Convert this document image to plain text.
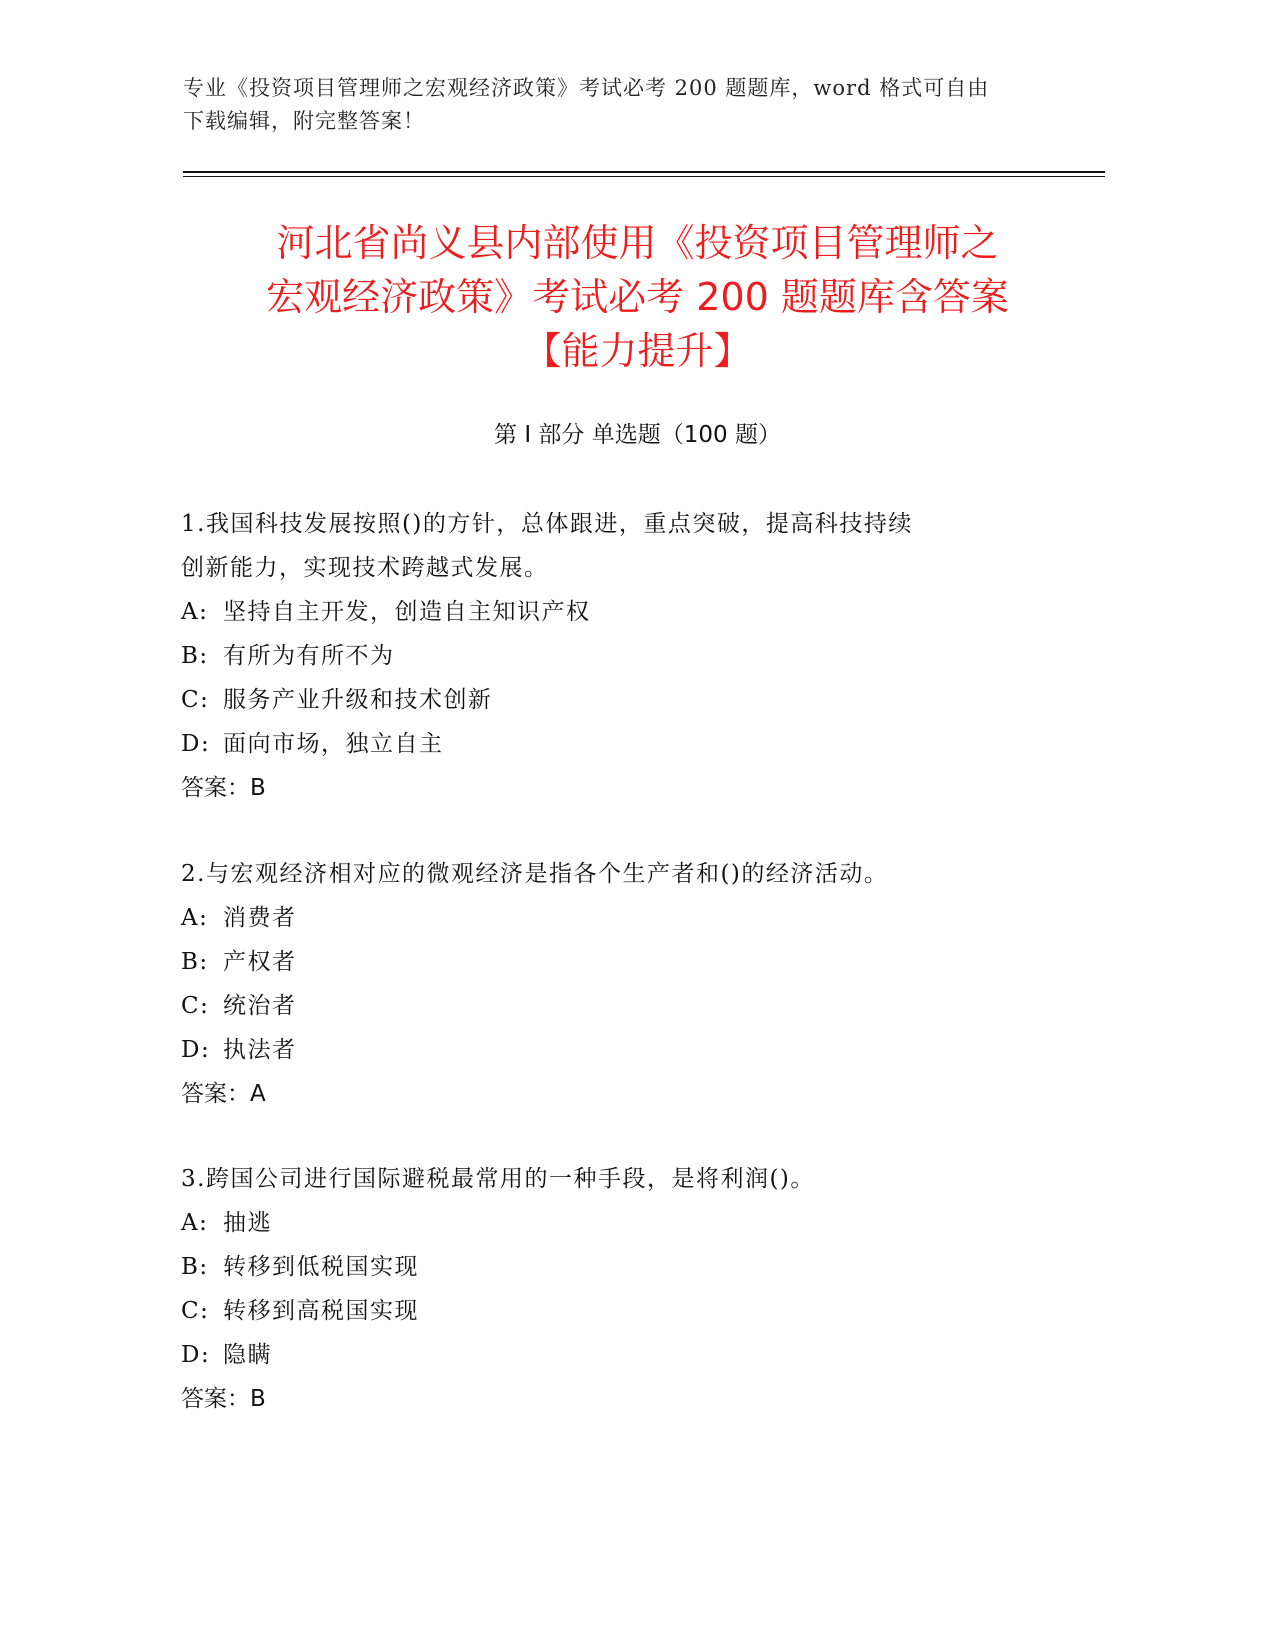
专业《投资项目管理师之宏观经济政策》考试必考 200 题题库，word 格式可自由
下载编辑，附完整答案！
河北省尚义县内部使用《投资项目管理师之
宏观经济政策》考试必考 200 题题库含答案
【能力提升】
第 I 部分 单选题（100 题）
1.我国科技发展按照()的方针，总体跟进，重点突破，提高科技持续
创新能力，实现技术跨越式发展。
A: 坚持自主开发，创造自主知识产权
B: 有所为有所不为
C: 服务产业升级和技术创新
D: 面向市场，独立自主
答案：B
2.与宏观经济相对应的微观经济是指各个生产者和()的经济活动。
A: 消费者
B: 产权者
C: 统治者
D: 执法者
答案：A
3.跨国公司进行国际避税最常用的一种手段，是将利润()。
A: 抽逃
B: 转移到低税国实现
C: 转移到高税国实现
D: 隐瞒
答案：B
